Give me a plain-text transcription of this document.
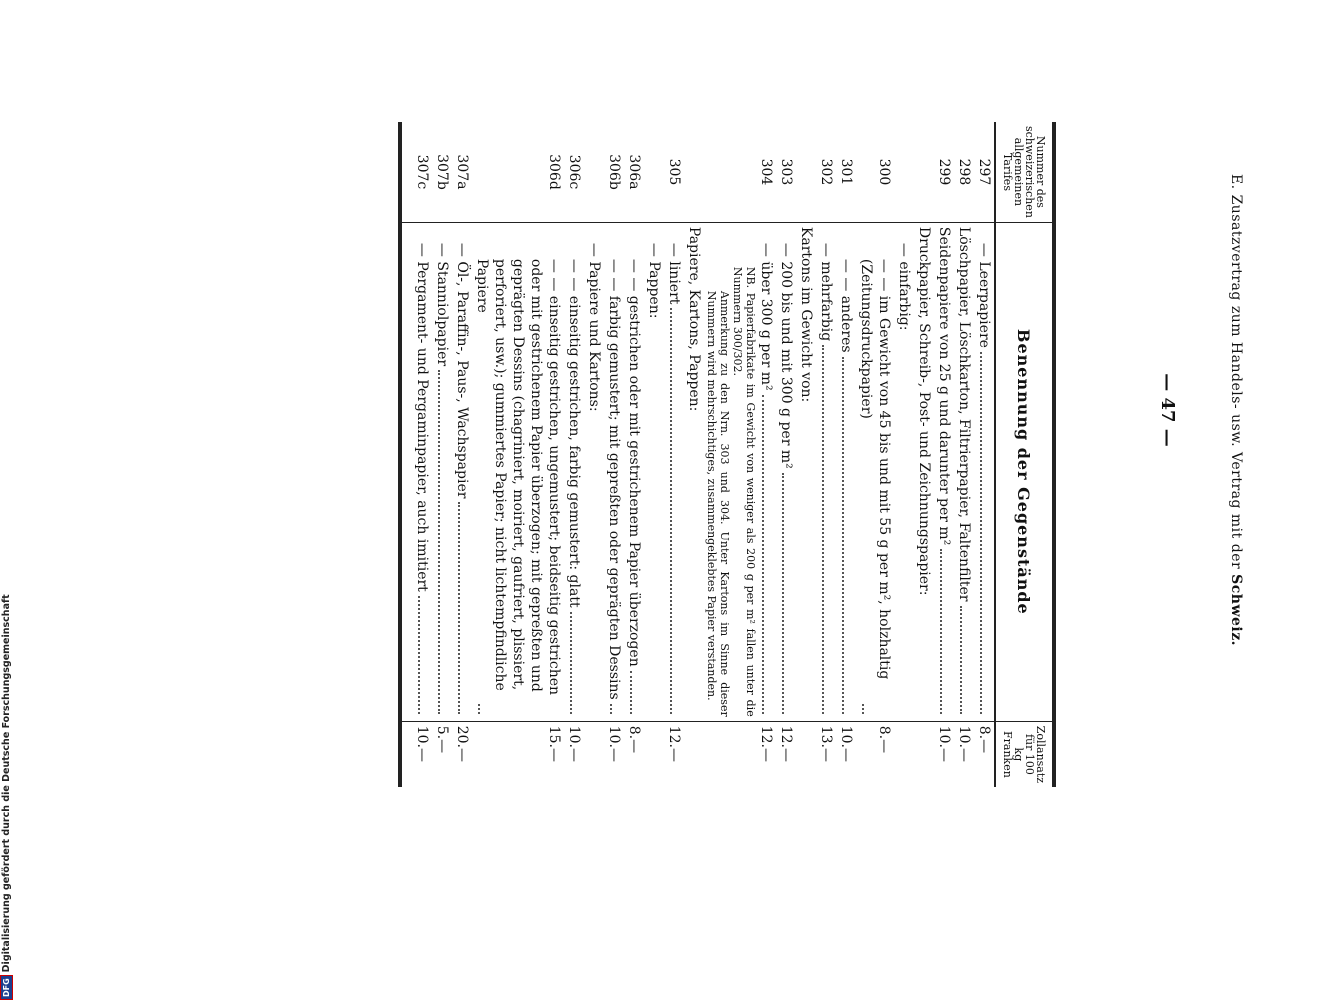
E. Zusatzvertrag zum Handels- usw. Vertrag mit der Schweiz.
— 47 —
Nummer des schweizerischen allgemeinen Tarifes	Benennung der Gegenstände	Zollansatz für 100 kg Franken
297	— Leerpapiere	8.—
298	Löschpapier, Löschkarton, Filtrierpapier, Faltenfilter	10.—
299	Seidenpapiere von 25 g und darunter per m²	10.—

	Druckpapier, Schreib-, Post- und Zeichnungspapier:	

	— einfarbig:	

300	— — im Gewicht von 45 bis und mit 55 g per m², holzhaltig (Zeitungsdruckpapier)	8.—
301	— — anderes	10.—
302	— mehrfarbig	13.—

	Kartons im Gewicht von:	

303	— 200 bis und mit 300 g per m²	12.—
304	— über 300 g per m²
NB. Papierfabrikate im Gewicht von weniger als 200 g per m² fallen unter die Nummern 300/302.
Anmerkung zu den Nrn. 303 und 304. Unter Kartons im Sinne dieser Nummern wird mehrschichtiges, zusammengeklebtes Papier verstanden.	12.—

	Papiere, Kartons, Pappen:	

305	— liniert	12.—

	— Pappen:	

306a	— — gestrichen oder mit gestrichenem Papier überzogen	8.—
306b	— — farbig gemustert; mit gepreßten oder geprägten Dessins	10.—

	— Papiere und Kartons:	

306c	— — einseitig gestrichen, farbig gemustert: glatt	10.—
306d	— — einseitig gestrichen, ungemustert; beidseitig gestrichen oder mit gestrichenem Papier überzogen; mit gepreßten und geprägten Dessins (chagriniert, moiriert, gaufriert, plissiert, perforiert, usw.); gummiertes Papier; nicht lichtempfindliche Papiere	15.—
307a	— Öl-, Paraffin-, Paus-, Wachspapier	20.—
307b	— Stanniolpapier	5.—
307c	— Pergament- und Pergaminpapier, auch imitiert	10.—

DFG
Digitalisierung gefördert durch die Deutsche Forschungsgemeinschaft
